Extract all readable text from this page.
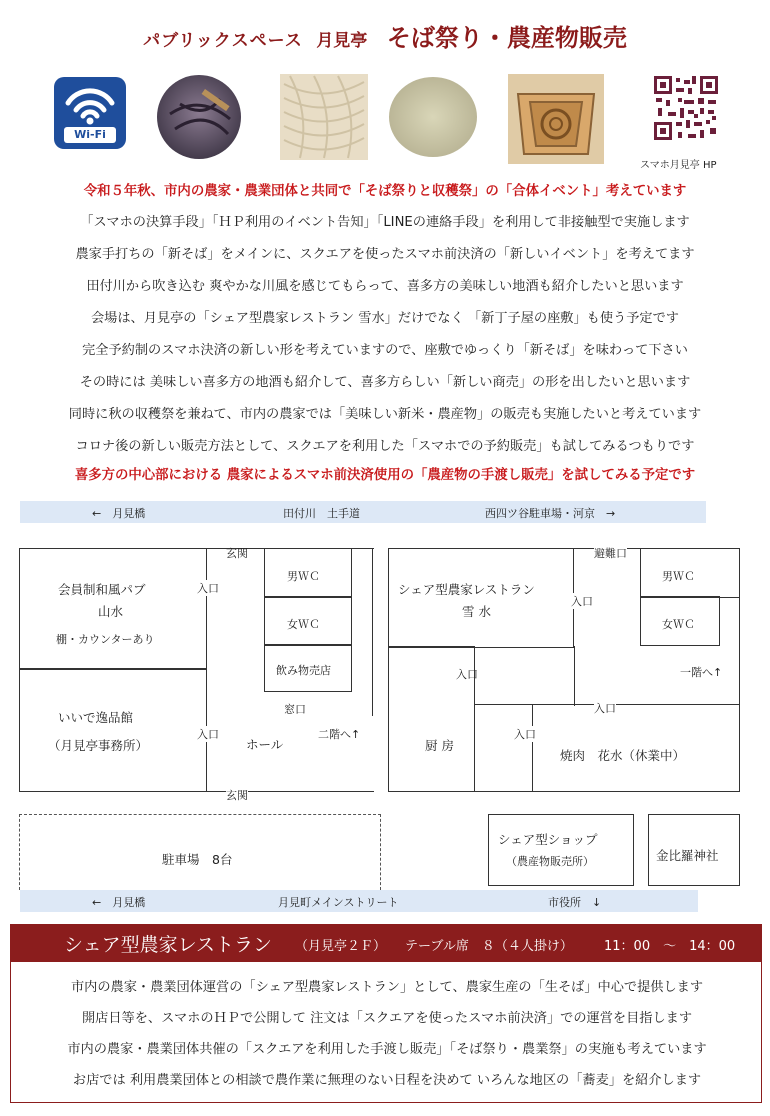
パブリックスペース 月見亭 そば祭り・農産物販売
Wi-Fi
スマホ月見亭 HP
令和５年秋、市内の農家・農業団体と共同で「そば祭りと収穫祭」の「合体イベント」考えています
「スマホの決算手段」「ＨＰ利用のイベント告知」「LINEの連絡手段」を利用して非接触型で実施します
農家手打ちの「新そば」をメインに、スクエアを使ったスマホ前決済の「新しいイベント」を考えてます
田付川から吹き込む 爽やかな川風を感じてもらって、喜多方の美味しい地酒も紹介したいと思います
会場は、月見亭の「シェア型農家レストラン 雪水」だけでなく 「新丁子屋の座敷」も使う予定です
完全予約制のスマホ決済の新しい形を考えていますので、座敷でゆっくり「新そば」を味わって下さい
その時には 美味しい喜多方の地酒も紹介して、喜多方らしい「新しい商売」の形を出したいと思います
同時に秋の収穫祭を兼ねて、市内の農家では「美味しい新米・農産物」の販売も実施したいと考えています
コロナ後の新しい販売方法として、スクエアを利用した「スマホでの予約販売」も試してみるつもりです
喜多方の中心部における 農家によるスマホ前決済使用の「農産物の手渡し販売」を試してみる予定です
←　月見橋	田付川　土手道	西四ツ谷駐車場・河京　→
会員制和風パブ
山水
棚・カウンターあり
いいで逸品館
（月見亭事務所）
玄関
入口
入口
ホール
二階へ↑
玄関
男ＷＣ
女ＷＣ
飲み物売店
窓口
避難口
シェア型農家レストラン
雪 水
入口
入口
厨 房
入口
入口
焼肉　花水（休業中）
一階へ↑
男ＷＣ
女ＷＣ
駐車場　8台
シェア型ショップ
（農産物販売所）	金比羅神社
←　月見橋	月見町メインストリート	市役所　↓
シェア型農家レストラン （月見亭２Ｆ） テーブル席　８（４人掛け） 11：00　～　14：00
市内の農家・農業団体運営の「シェア型農家レストラン」として、農家生産の「生そば」中心で提供します
開店日等を、スマホのＨＰで公開して 注文は「スクエアを使ったスマホ前決済」での運営を目指します
市内の農家・農業団体共催の「スクエアを利用した手渡し販売」「そば祭り・農業祭」の実施も考えています
お店では 利用農業団体との相談で農作業に無理のない日程を決めて いろんな地区の「蕎麦」を紹介します
